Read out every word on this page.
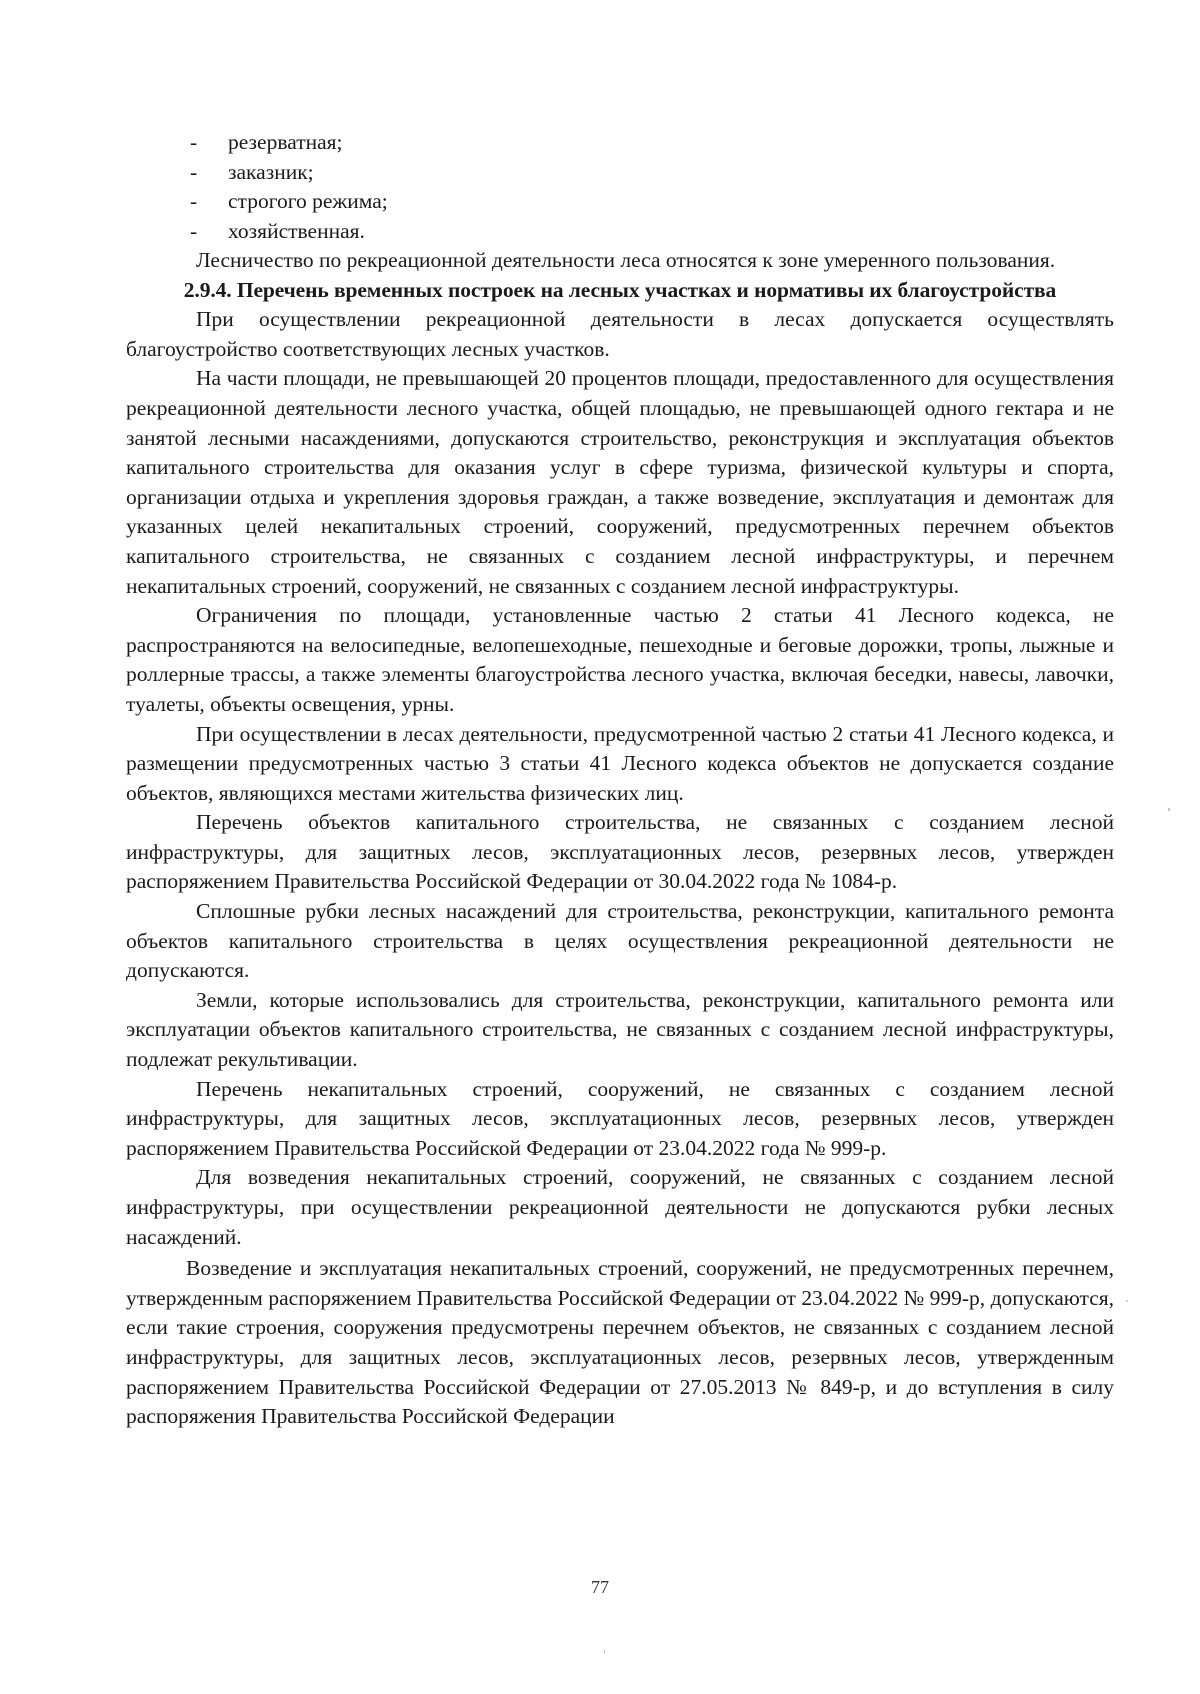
- резерватная;
- заказник;
- строгого режима;
- хозяйственная.

Лесничество по рекреационной деятельности леса относятся к зоне умеренного пользования.

2.9.4. Перечень временных построек на лесных участках и нормативы их благоустройства

При осуществлении рекреационной деятельности в лесах допускается осуществлять благоустройство соответствующих лесных участков.

На части площади, не превышающей 20 процентов площади, предоставленного для осуществления рекреационной деятельности лесного участка, общей площадью, не превышающей одного гектара и не занятой лесными насаждениями, допускаются строительство, реконструкция и эксплуатация объектов капитального строительства для оказания услуг в сфере туризма, физической культуры и спорта, организации отдыха и укрепления здоровья граждан, а также возведение, эксплуатация и демонтаж для указанных целей некапитальных строений, сооружений, предусмотренных перечнем объектов капитального строительства, не связанных с созданием лесной инфраструктуры, и перечнем некапитальных строений, сооружений, не связанных с созданием лесной инфраструктуры.

Ограничения по площади, установленные частью 2 статьи 41 Лесного кодекса, не распространяются на велосипедные, велопешеходные, пешеходные и беговые дорожки, тропы, лыжные и роллерные трассы, а также элементы благоустройства лесного участка, включая беседки, навесы, лавочки, туалеты, объекты освещения, урны.

При осуществлении в лесах деятельности, предусмотренной частью 2 статьи 41 Лесного кодекса, и размещении предусмотренных частью 3 статьи 41 Лесного кодекса объектов не допускается создание объектов, являющихся местами жительства физических лиц.

Перечень объектов капитального строительства, не связанных с созданием лесной инфраструктуры, для защитных лесов, эксплуатационных лесов, резервных лесов, утвержден распоряжением Правительства Российской Федерации от 30.04.2022 года № 1084-р.

Сплошные рубки лесных насаждений для строительства, реконструкции, капитального ремонта объектов капитального строительства в целях осуществления рекреационной деятельности не допускаются.

Земли, которые использовались для строительства, реконструкции, капитального ремонта или эксплуатации объектов капитального строительства, не связанных с созданием лесной инфраструктуры, подлежат рекультивации.

Перечень некапитальных строений, сооружений, не связанных с созданием лесной инфраструктуры, для защитных лесов, эксплуатационных лесов, резервных лесов, утвержден распоряжением Правительства Российской Федерации от 23.04.2022 года № 999-р.

Для возведения некапитальных строений, сооружений, не связанных с созданием лесной инфраструктуры, при осуществлении рекреационной деятельности не допускаются рубки лесных насаждений.

Возведение и эксплуатация некапитальных строений, сооружений, не предусмотренных перечнем, утвержденным распоряжением Правительства Российской Федерации от 23.04.2022 № 999-р, допускаются, если такие строения, сооружения предусмотрены перечнем объектов, не связанных с созданием лесной инфраструктуры, для защитных лесов, эксплуатационных лесов, резервных лесов, утвержденным распоряжением Правительства Российской Федерации от 27.05.2013 № 849-р, и до вступления в силу распоряжения Правительства Российской Федерации

77
